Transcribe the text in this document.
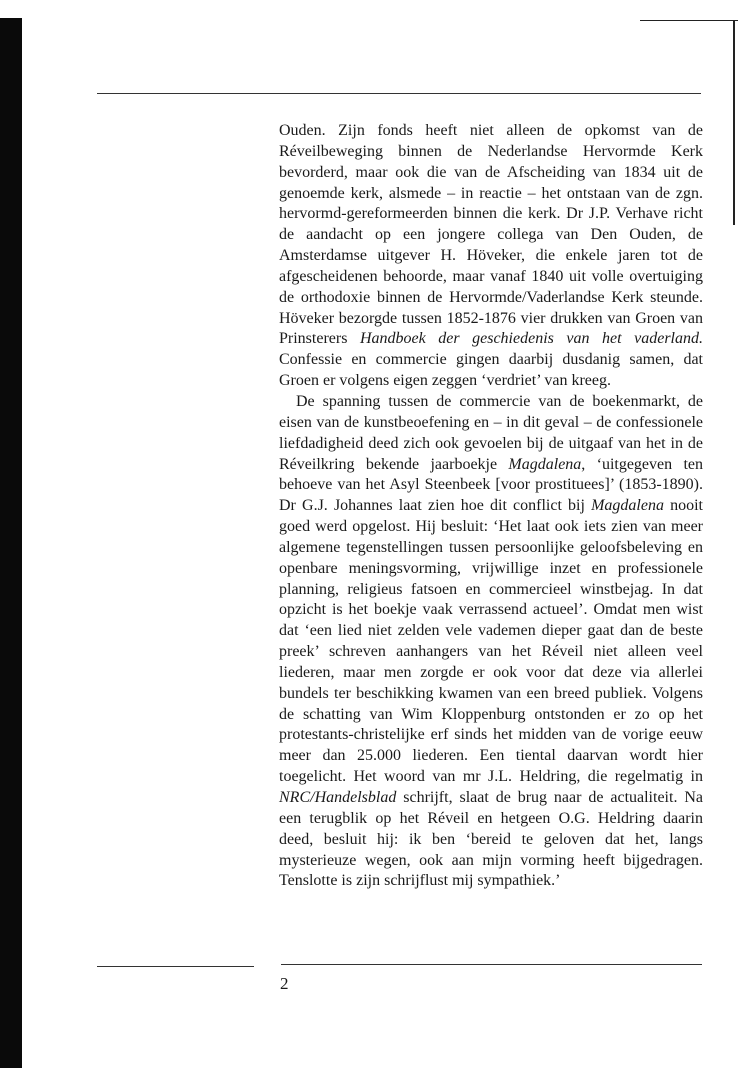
Ouden. Zijn fonds heeft niet alleen de opkomst van de Réveilbeweging binnen de Nederlandse Hervormde Kerk bevorderd, maar ook die van de Afscheiding van 1834 uit de genoemde kerk, alsmede – in reactie – het ontstaan van de zgn. hervormd-gereformeerden binnen die kerk. Dr J.P. Verhave richt de aandacht op een jongere collega van Den Ouden, de Amsterdamse uitgever H. Höveker, die enkele jaren tot de afgescheidenen behoorde, maar vanaf 1840 uit volle overtuiging de orthodoxie binnen de Hervormde/Vaderlandse Kerk steunde. Höveker bezorgde tussen 1852-1876 vier drukken van Groen van Prinsterers Handboek der geschiedenis van het vaderland. Confessie en commercie gingen daarbij dusdanig samen, dat Groen er volgens eigen zeggen ‘verdriet’ van kreeg.

De spanning tussen de commercie van de boekenmarkt, de eisen van de kunstbeoefening en – in dit geval – de confessionele liefdadigheid deed zich ook gevoelen bij de uitgaaf van het in de Réveilkring bekende jaarboekje Magdalena, ‘uitgegeven ten behoeve van het Asyl Steenbeek [voor prostituees]’ (1853-1890). Dr G.J. Johannes laat zien hoe dit conflict bij Magdalena nooit goed werd opgelost. Hij besluit: ‘Het laat ook iets zien van meer algemene tegenstellingen tussen persoonlijke geloofsbeleving en openbare meningsvorming, vrijwillige inzet en professionele planning, religieus fatsoen en commercieel winstbejag. In dat opzicht is het boekje vaak verrassend actueel’. Omdat men wist dat ‘een lied niet zelden vele vademen dieper gaat dan de beste preek’ schreven aanhangers van het Réveil niet alleen veel liederen, maar men zorgde er ook voor dat deze via allerlei bundels ter beschikking kwamen van een breed publiek. Volgens de schatting van Wim Kloppenburg ontstonden er zo op het protestants-christelijke erf sinds het midden van de vorige eeuw meer dan 25.000 liederen. Een tiental daarvan wordt hier toegelicht. Het woord van mr J.L. Heldring, die regelmatig in NRC/Handelsblad schrijft, slaat de brug naar de actualiteit. Na een terugblik op het Réveil en hetgeen O.G. Heldring daarin deed, besluit hij: ik ben ‘bereid te geloven dat het, langs mysterieuze wegen, ook aan mijn vorming heeft bijgedragen. Tenslotte is zijn schrijflust mij sympathiek.’

2
